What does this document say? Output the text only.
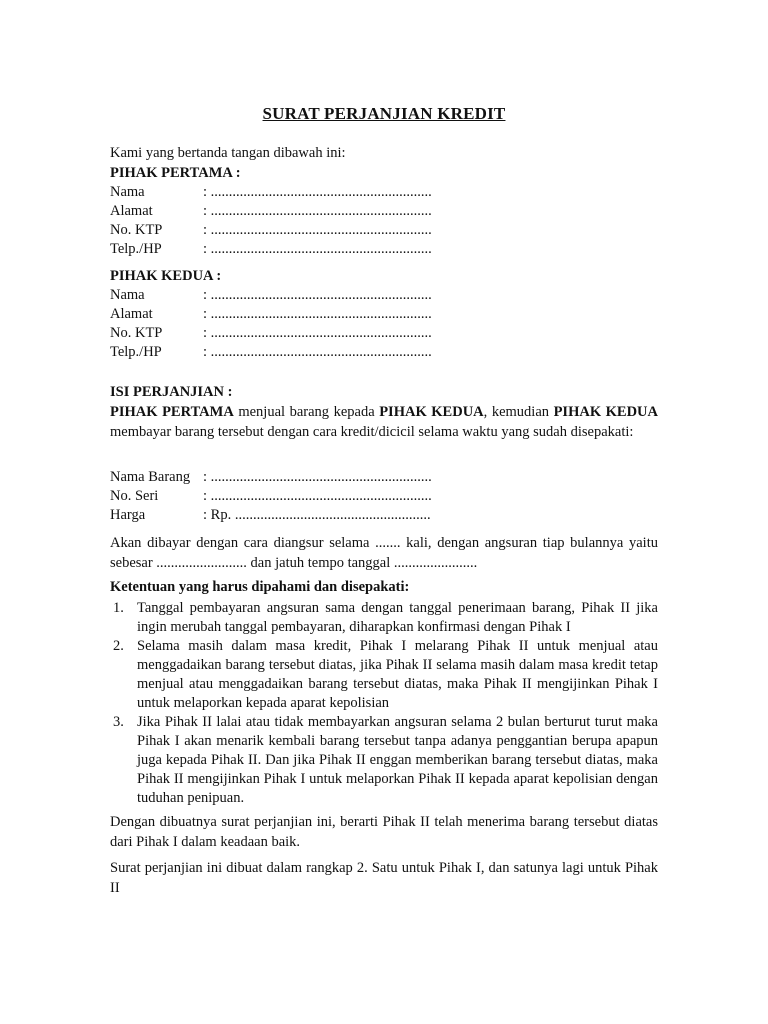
SURAT PERJANJIAN KREDIT
Kami yang bertanda tangan dibawah ini:
PIHAK PERTAMA :
Nama	: .............................................................
Alamat	: .............................................................
No. KTP	: .............................................................
Telp./HP	: .............................................................
PIHAK KEDUA :
Nama	: .............................................................
Alamat	: .............................................................
No. KTP	: .............................................................
Telp./HP	: .............................................................
ISI PERJANJIAN :
PIHAK PERTAMA menjual barang kepada PIHAK KEDUA, kemudian PIHAK KEDUA membayar barang tersebut dengan cara kredit/dicicil selama waktu yang sudah disepakati:
Nama Barang : .............................................................
No. Seri	: .............................................................
Harga	: Rp. ......................................................
Akan dibayar dengan cara diangsur selama ....... kali, dengan angsuran tiap bulannya yaitu sebesar ......................... dan jatuh tempo tanggal .......................
Ketentuan yang harus dipahami dan disepakati:
1. Tanggal pembayaran angsuran sama dengan tanggal penerimaan barang, Pihak II jika ingin merubah tanggal pembayaran, diharapkan konfirmasi dengan Pihak I
2. Selama masih dalam masa kredit, Pihak I melarang Pihak II untuk menjual atau menggadaikan barang tersebut diatas, jika Pihak II selama masih dalam masa kredit tetap menjual atau menggadaikan barang tersebut diatas, maka Pihak II mengijinkan Pihak I untuk melaporkan kepada aparat kepolisian
3. Jika Pihak II lalai atau tidak membayarkan angsuran selama 2 bulan berturut turut maka Pihak I akan menarik kembali barang tersebut tanpa adanya penggantian berupa apapun juga kepada Pihak II. Dan jika Pihak II enggan memberikan barang tersebut diatas, maka Pihak II mengijinkan Pihak I untuk melaporkan Pihak II kepada aparat kepolisian dengan tuduhan penipuan.
Dengan dibuatnya surat perjanjian ini, berarti Pihak II telah menerima barang tersebut diatas dari Pihak I dalam keadaan baik.
Surat perjanjian ini dibuat dalam rangkap 2. Satu untuk Pihak I, dan satunya lagi untuk Pihak II
